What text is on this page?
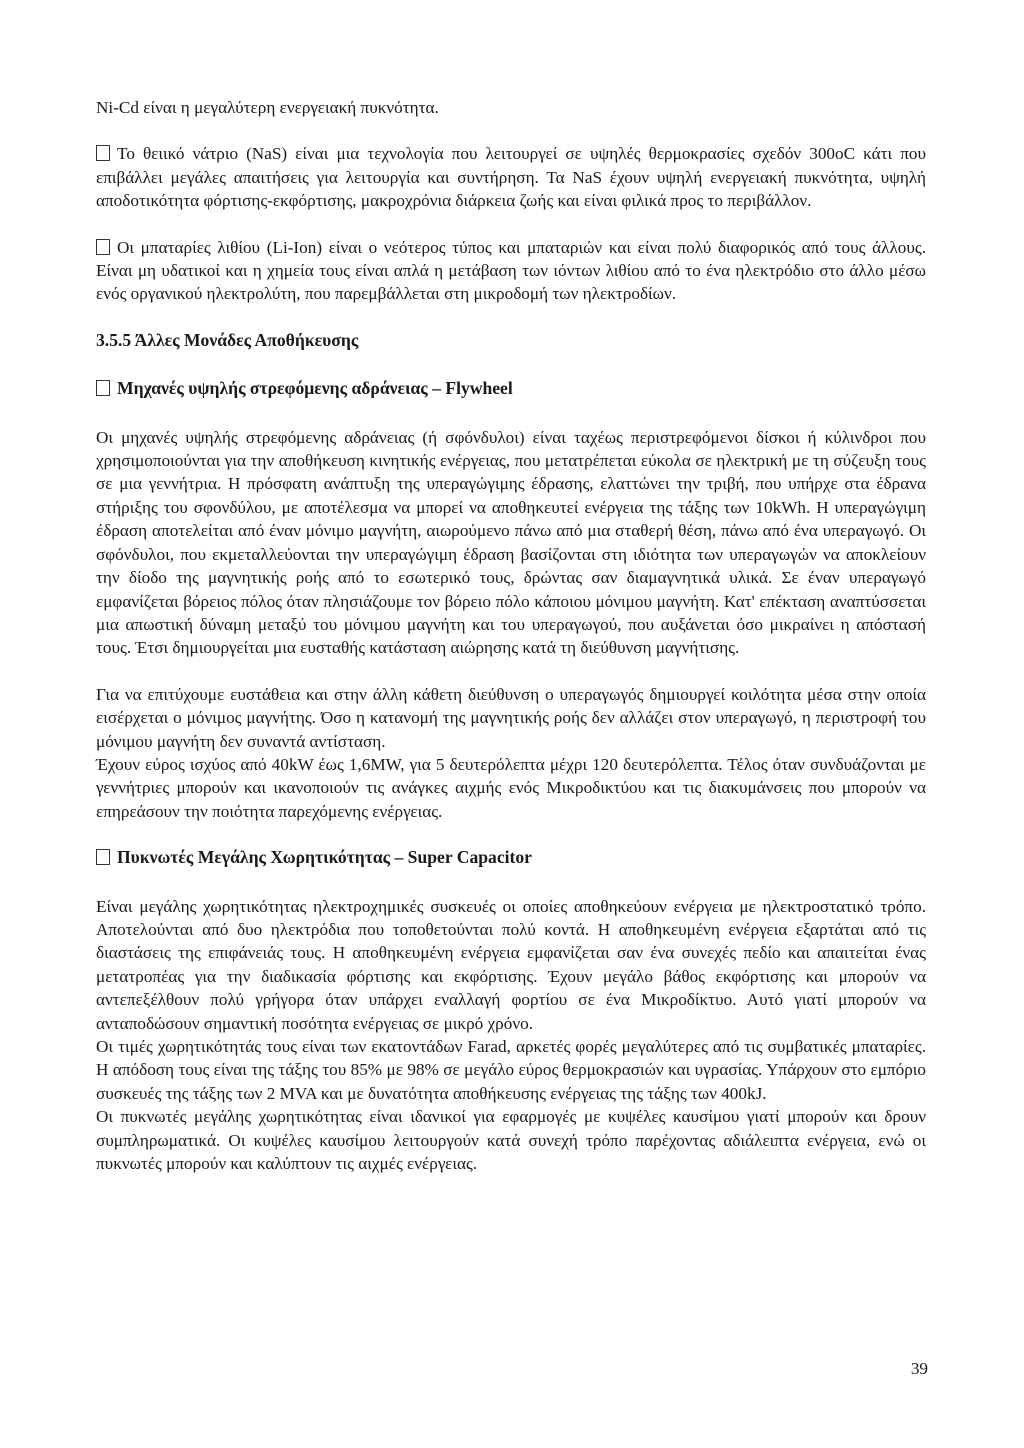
Ni-Cd είναι η μεγαλύτερη ενεργειακή πυκνότητα.

Το θειικό νάτριο (NaS) είναι μια τεχνολογία που λειτουργεί σε υψηλές θερμοκρασίες σχεδόν 300oC κάτι που επιβάλλει μεγάλες απαιτήσεις για λειτουργία και συντήρηση. Τα NaS έχουν υψηλή ενεργειακή πυκνότητα, υψηλή αποδοτικότητα φόρτισης-εκφόρτισης, μακροχρόνια διάρκεια ζωής και είναι φιλικά προς το περιβάλλον.

Οι μπαταρίες λιθίου (Li-Ion) είναι ο νεότερος τύπος και μπαταριών και είναι πολύ διαφορικός από τους άλλους. Είναι μη υδατικοί και η χημεία τους είναι απλά η μετάβαση των ιόντων λιθίου από το ένα ηλεκτρόδιο στο άλλο μέσω ενός οργανικού ηλεκτρολύτη, που παρεμβάλλεται στη μικροδομή των ηλεκτροδίων.

3.5.5 Άλλες Μονάδες Αποθήκευσης

Μηχανές υψηλής στρεφόμενης αδράνειας – Flywheel

Οι μηχανές υψηλής στρεφόμενης αδράνειας (ή σφόνδυλοι) είναι ταχέως περιστρεφόμενοι δίσκοι ή κύλινδροι που χρησιμοποιούνται για την αποθήκευση κινητικής ενέργειας, που μετατρέπεται εύκολα σε ηλεκτρική με τη σύζευξη τους σε μια γεννήτρια. Η πρόσφατη ανάπτυξη της υπεραγώγιμης έδρασης, ελαττώνει την τριβή, που υπήρχε στα έδρανα στήριξης του σφονδύλου, με αποτέλεσμα να μπορεί να αποθηκευτεί ενέργεια της τάξης των 10kWh. Η υπεραγώγιμη έδραση αποτελείται από έναν μόνιμο μαγνήτη, αιωρούμενο πάνω από μια σταθερή θέση, πάνω από ένα υπεραγωγό. Οι σφόνδυλοι, που εκμεταλλεύονται την υπεραγώγιμη έδραση βασίζονται στη ιδιότητα των υπεραγωγών να αποκλείουν την δίοδο της μαγνητικής ροής από το εσωτερικό τους, δρώντας σαν διαμαγνητικά υλικά. Σε έναν υπεραγωγό εμφανίζεται βόρειος πόλος όταν πλησιάζουμε τον βόρειο πόλο κάποιου μόνιμου μαγνήτη. Κατ' επέκταση αναπτύσσεται μια απωστική δύναμη μεταξύ του μόνιμου μαγνήτη και του υπεραγωγού, που αυξάνεται όσο μικραίνει η απόστασή τους. Έτσι δημιουργείται μια ευσταθής κατάσταση αιώρησης κατά τη διεύθυνση μαγνήτισης.

Για να επιτύχουμε ευστάθεια και στην άλλη κάθετη διεύθυνση ο υπεραγωγός δημιουργεί κοιλότητα μέσα στην οποία εισέρχεται ο μόνιμος μαγνήτης. Όσο η κατανομή της μαγνητικής ροής δεν αλλάζει στον υπεραγωγό, η περιστροφή του μόνιμου μαγνήτη δεν συναντά αντίσταση.

Έχουν εύρος ισχύος από 40kW έως 1,6MW, για 5 δευτερόλεπτα μέχρι 120 δευτερόλεπτα. Τέλος όταν συνδυάζονται με γεννήτριες μπορούν και ικανοποιούν τις ανάγκες αιχμής ενός Μικροδικτύου και τις διακυμάνσεις που μπορούν να επηρεάσουν την ποιότητα παρεχόμενης ενέργειας.

Πυκνωτές Μεγάλης Χωρητικότητας – Super Capacitor

Είναι μεγάλης χωρητικότητας ηλεκτροχημικές συσκευές οι οποίες αποθηκεύουν ενέργεια με ηλεκτροστατικό τρόπο. Αποτελούνται από δυο ηλεκτρόδια που τοποθετούνται πολύ κοντά. Η αποθηκευμένη ενέργεια εξαρτάται από τις διαστάσεις της επιφάνειάς τους. Η αποθηκευμένη ενέργεια εμφανίζεται σαν ένα συνεχές πεδίο και απαιτείται ένας μετατροπέας για την διαδικασία φόρτισης και εκφόρτισης. Έχουν μεγάλο βάθος εκφόρτισης και μπορούν να αντεπεξέλθουν πολύ γρήγορα όταν υπάρχει εναλλαγή φορτίου σε ένα Μικροδίκτυο. Αυτό γιατί μπορούν να ανταποδώσουν σημαντική ποσότητα ενέργειας σε μικρό χρόνο.

Οι τιμές χωρητικότητάς τους είναι των εκατοντάδων Farad, αρκετές φορές μεγαλύτερες από τις συμβατικές μπαταρίες. Η απόδοση τους είναι της τάξης του 85% με 98% σε μεγάλο εύρος θερμοκρασιών και υγρασίας. Υπάρχουν στο εμπόριο συσκευές της τάξης των 2 MVA και με δυνατότητα αποθήκευσης ενέργειας της τάξης των 400kJ.

Οι πυκνωτές μεγάλης χωρητικότητας είναι ιδανικοί για εφαρμογές με κυψέλες καυσίμου γιατί μπορούν και δρουν συμπληρωματικά. Οι κυψέλες καυσίμου λειτουργούν κατά συνεχή τρόπο παρέχοντας αδιάλειπτα ενέργεια, ενώ οι πυκνωτές μπορούν και καλύπτουν τις αιχμές ενέργειας.

39
